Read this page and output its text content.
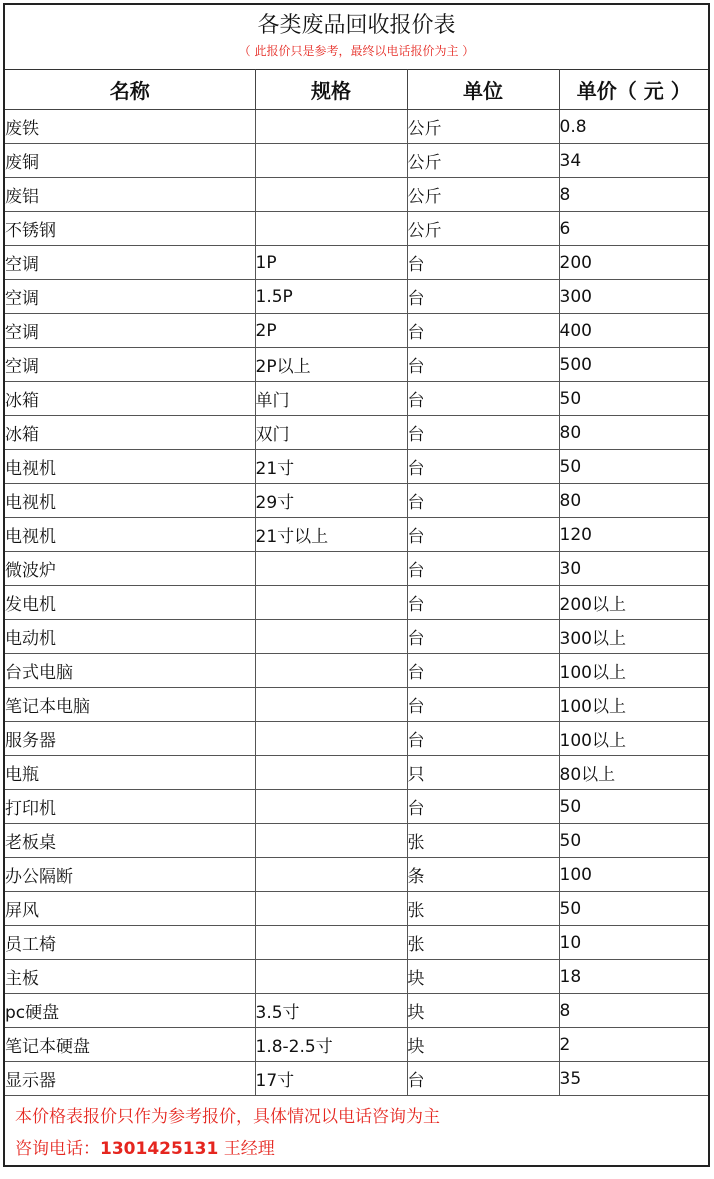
各类废品回收报价表
（ 此报价只是参考，最终以电话报价为主 ）
名称	规格	单位	单价（ 元 ）
废铁		公斤	0.8
废铜		公斤	34
废铝		公斤	8
不锈钢		公斤	6
空调	1P	台	200
空调	1.5P	台	300
空调	2P	台	400
空调	2P以上	台	500
冰箱	单门	台	50
冰箱	双门	台	80
电视机	21寸	台	50
电视机	29寸	台	80
电视机	21寸以上	台	120
微波炉		台	30
发电机		台	200以上
电动机		台	300以上
台式电脑		台	100以上
笔记本电脑		台	100以上
服务器		台	100以上
电瓶		只	80以上
打印机		台	50
老板桌		张	50
办公隔断		条	100
屏风		张	50
员工椅		张	10
主板		块	18
pc硬盘	3.5寸	块	8
笔记本硬盘	1.8-2.5寸	块	2
显示器	17寸	台	35
本价格表报价只作为参考报价，具体情况以电话咨询为主
咨询电话：1301425131 王经理
